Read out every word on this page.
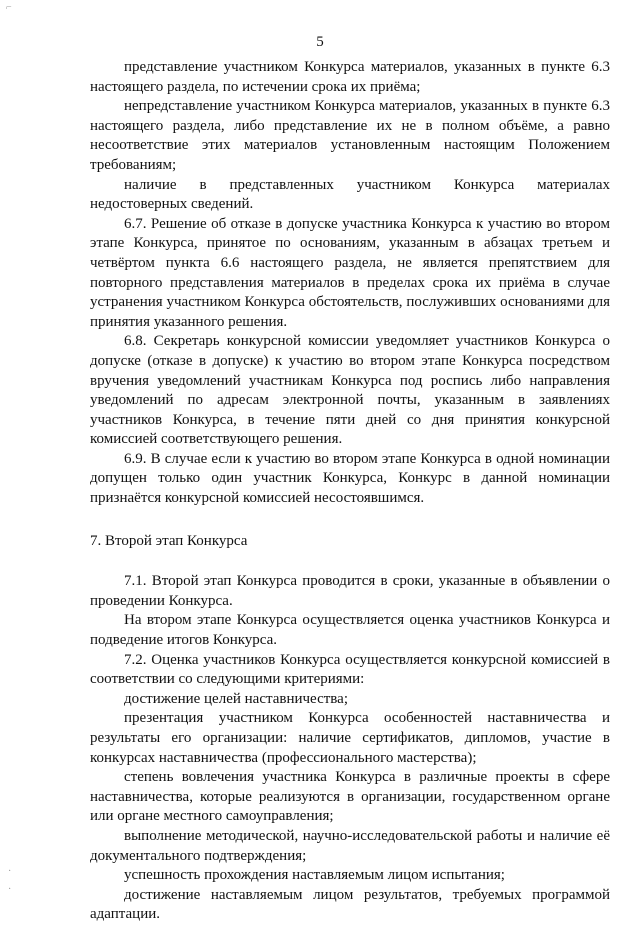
5

представление участником Конкурса материалов, указанных в пункте 6.3 настоящего раздела, по истечении срока их приёма;

непредставление участником Конкурса материалов, указанных в пункте 6.3 настоящего раздела, либо представление их не в полном объёме, а равно несоответствие этих материалов установленным настоящим Положением требованиям;

наличие в представленных участником Конкурса материалах недостоверных сведений.

6.7. Решение об отказе в допуске участника Конкурса к участию во втором этапе Конкурса, принятое по основаниям, указанным в абзацах третьем и четвёртом пункта 6.6 настоящего раздела, не является препятствием для повторного представления материалов в пределах срока их приёма в случае устранения участником Конкурса обстоятельств, послуживших основаниями для принятия указанного решения.

6.8. Секретарь конкурсной комиссии уведомляет участников Конкурса о допуске (отказе в допуске) к участию во втором этапе Конкурса посредством вручения уведомлений участникам Конкурса под роспись либо направления уведомлений по адресам электронной почты, указанным в заявлениях участников Конкурса, в течение пяти дней со дня принятия конкурсной комиссией соответствующего решения.

6.9. В случае если к участию во втором этапе Конкурса в одной номинации допущен только один участник Конкурса, Конкурс в данной номинации признаётся конкурсной комиссией несостоявшимся.

7. Второй этап Конкурса

7.1. Второй этап Конкурса проводится в сроки, указанные в объявлении о проведении Конкурса.

На втором этапе Конкурса осуществляется оценка участников Конкурса и подведение итогов Конкурса.

7.2. Оценка участников Конкурса осуществляется конкурсной комиссией в соответствии со следующими критериями:

достижение целей наставничества;

презентация участником Конкурса особенностей наставничества и результаты его организации: наличие сертификатов, дипломов, участие в конкурсах наставничества (профессионального мастерства);

степень вовлечения участника Конкурса в различные проекты в сфере наставничества, которые реализуются в организации, государственном органе или органе местного самоуправления;

выполнение методической, научно-исследовательской работы и наличие её документального подтверждения;

успешность прохождения наставляемым лицом испытания;

достижение наставляемым лицом результатов, требуемых программой адаптации.

⌐
·
·
